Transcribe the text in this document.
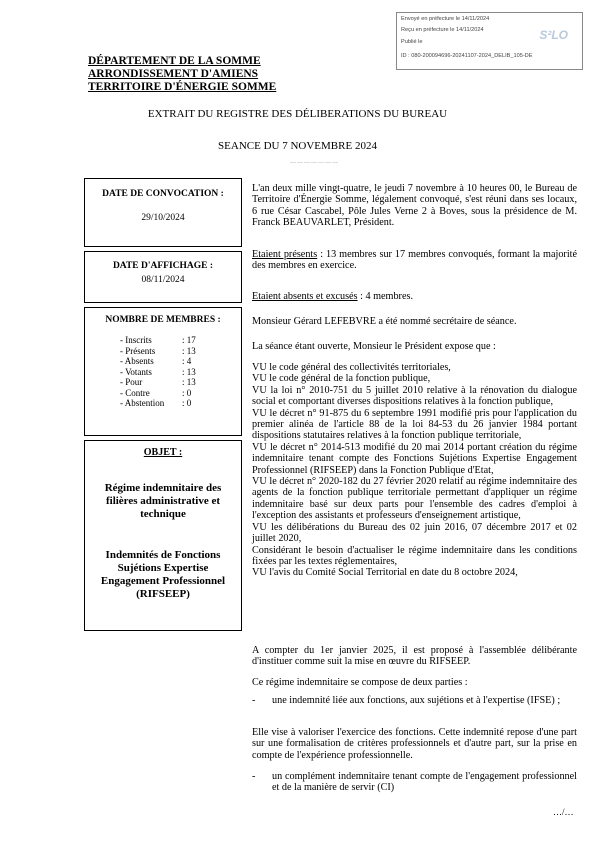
Envoyé en préfecture le 14/11/2024
Reçu en préfecture le 14/11/2024
Publié le
ID : 080-200094696-20241107-2024_DELIB_105-DE
S²LO
DÉPARTEMENT DE LA SOMME
ARRONDISSEMENT D'AMIENS
TERRITOIRE D'ÉNERGIE SOMME
EXTRAIT DU REGISTRE DES DÉLIBERATIONS DU BUREAU
SEANCE DU 7 NOVEMBRE 2024
…………………
DATE DE CONVOCATION :
29/10/2024
DATE D'AFFICHAGE :
08/11/2024
NOMBRE DE MEMBRES :
- Inscrits	: 17
- Présents	: 13
- Absents	: 4
- Votants	: 13
- Pour	: 13
- Contre	: 0
- Abstention	: 0
OBJET :
Régime indemnitaire des filières administrative et technique
Indemnités de Fonctions Sujétions Expertise Engagement Professionnel (RIFSEEP)
L'an deux mille vingt-quatre, le jeudi 7 novembre à 10 heures 00, le Bureau de Territoire d'Énergie Somme, légalement convoqué, s'est réuni dans ses locaux, 6 rue César Cascabel, Pôle Jules Verne 2 à Boves, sous la présidence de M. Franck BEAUVARLET, Président.
Etaient présents : 13 membres sur 17 membres convoqués, formant la majorité des membres en exercice.
Etaient absents et excusés : 4 membres.
Monsieur Gérard LEFEBVRE a été nommé secrétaire de séance.
La séance étant ouverte, Monsieur le Président expose que :

VU le code général des collectivités territoriales,

VU le code général de la fonction publique,

VU la loi n° 2010-751 du 5 juillet 2010 relative à la rénovation du dialogue social et comportant diverses dispositions relatives à la fonction publique,

VU le décret n° 91-875 du 6 septembre 1991 modifié pris pour l'application du premier alinéa de l'article 88 de la loi 84-53 du 26 janvier 1984 portant dispositions statutaires relatives à la fonction publique territoriale,

VU le décret n° 2014-513 modifié du 20 mai 2014 portant création du régime indemnitaire tenant compte des Fonctions Sujétions Expertise Engagement Professionnel (RIFSEEP) dans la Fonction Publique d'Etat,

VU le décret n° 2020-182 du 27 février 2020 relatif au régime indemnitaire des agents de la fonction publique territoriale permettant d'appliquer un régime indemnitaire basé sur deux parts pour l'ensemble des cadres d'emploi à l'exception des assistants et professeurs d'enseignement artistique,

VU les délibérations du Bureau des 02 juin 2016, 07 décembre 2017 et 02 juillet 2020,

Considérant le besoin d'actualiser le régime indemnitaire dans les conditions fixées par les textes réglementaires,

VU l'avis du Comité Social Territorial en date du 8 octobre 2024,

A compter du 1er janvier 2025, il est proposé à l'assemblée délibérante d'instituer comme suit la mise en œuvre du RIFSEEP.
Ce régime indemnitaire se compose de deux parties :
-	une indemnité liée aux fonctions, aux sujétions et à l'expertise (IFSE) ;
Elle vise à valoriser l'exercice des fonctions. Cette indemnité repose d'une part sur une formalisation de critères professionnels et d'autre part, sur la prise en compte de l'expérience professionnelle.
-	un complément indemnitaire tenant compte de l'engagement professionnel et de la manière de servir (CI)
…/…
